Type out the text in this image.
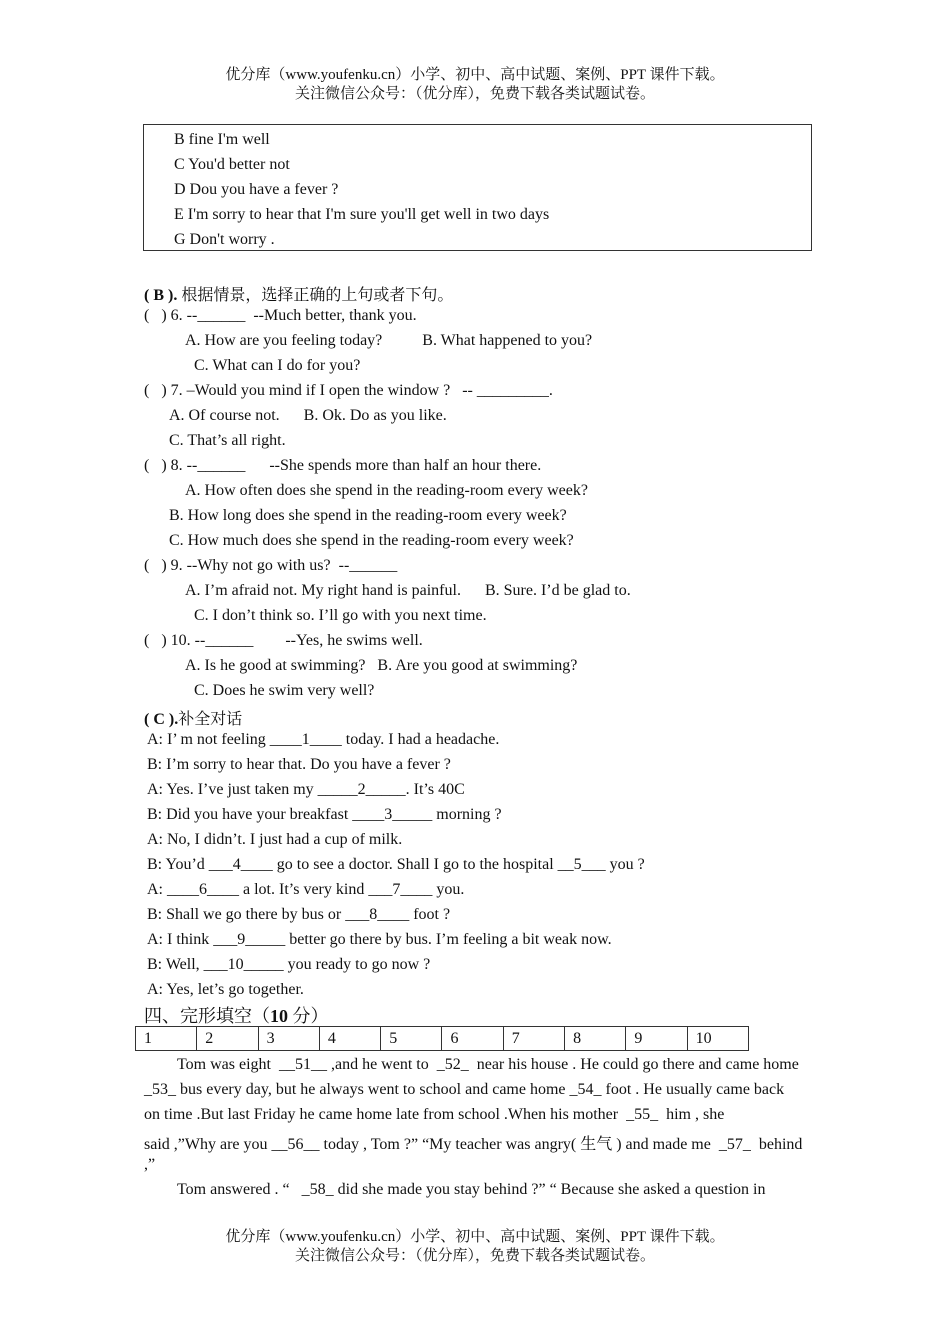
优分库（www.youfenku.cn）小学、初中、高中试题、案例、PPT 课件下载。
关注微信公众号：（优分库），免费下载各类试题试卷。
B fine I'm well
C You'd better not
D Dou you have a fever ?
E I'm sorry to hear that I'm sure you'll get well in two days
G Don't worry .
( B ). 根据情景，选择正确的上句或者下句。
(   ) 6. --______  --Much better, thank you.
A. How are you feeling today?          B. What happened to you?
C. What can I do for you?
(   ) 7. –Would you mind if I open the window ?   -- _________.
A. Of course not.      B. Ok. Do as you like.
C. That’s all right.
(   ) 8. --______      --She spends more than half an hour there.
A. How often does she spend in the reading-room every week?
B. How long does she spend in the reading-room every week?
C. How much does she spend in the reading-room every week?
(   ) 9. --Why not go with us?  --______
A. I’m afraid not. My right hand is painful.      B. Sure. I’d be glad to.
C. I don’t think so. I’ll go with you next time.
(   ) 10. --______        --Yes, he swims well.
A. Is he good at swimming?   B. Are you good at swimming?
C. Does he swim very well?
( C ).补全对话
A: I’ m not feeling ____1____ today. I had a headache.
B: I’m sorry to hear that. Do you have a fever ?
A: Yes. I’ve just taken my _____2_____. It’s 40C
B: Did you have your breakfast ____3_____ morning ?
A: No, I didn’t. I just had a cup of milk.
B: You’d ___4____ go to see a doctor. Shall I go to the hospital __5___ you ?
A: ____6____ a lot. It’s very kind ___7____ you.
B: Shall we go there by bus or ___8____ foot ?
A: I think ___9_____ better go there by bus. I’m feeling a bit weak now.
B: Well, ___10_____ you ready to go now ?
A: Yes, let’s go together.
四、完形填空（10 分）
1	2	3	4	5	6	7	8	9	10
Tom was eight  __51__ ,and he went to  _52_  near his house . He could go there and came home
_53_ bus every day, but he always went to school and came home _54_ foot . He usually came back
on time .But last Friday he came home late from school .When his mother  _55_  him , she
said ,”Why are you __56__ today , Tom ?” “My teacher was angry( 生气 ) and made me  _57_  behind
,”
Tom answered . “   _58_ did she made you stay behind ?” “ Because she asked a question in
优分库（www.youfenku.cn）小学、初中、高中试题、案例、PPT 课件下载。
关注微信公众号：（优分库），免费下载各类试题试卷。
